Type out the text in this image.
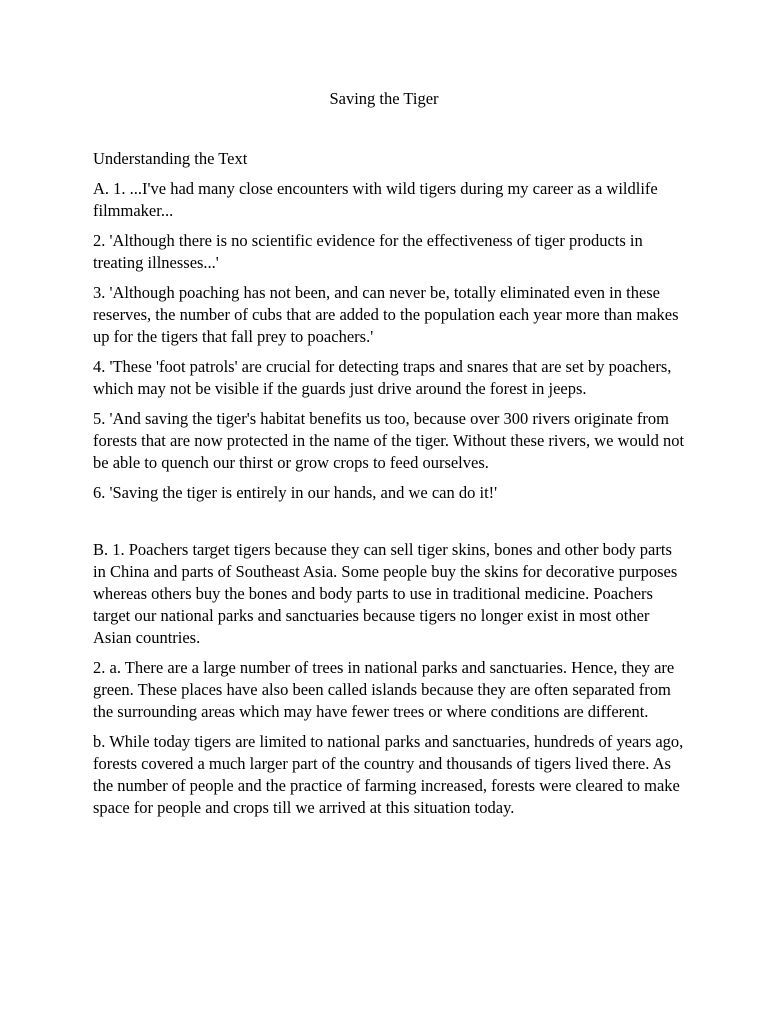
Saving the Tiger

Understanding the Text

A. 1. ...I've had many close encounters with wild tigers during my career as a wildlife filmmaker...

2. 'Although there is no scientific evidence for the effectiveness of tiger products in treating illnesses...'

3. 'Although poaching has not been, and can never be, totally eliminated even in these reserves, the number of cubs that are added to the population each year more than makes up for the tigers that fall prey to poachers.'

4. 'These 'foot patrols' are crucial for detecting traps and snares that are set by poachers, which may not be visible if the guards just drive around the forest in jeeps.

5. 'And saving the tiger's habitat benefits us too, because over 300 rivers originate from forests that are now protected in the name of the tiger. Without these rivers, we would not be able to quench our thirst or grow crops to feed ourselves.

6. 'Saving the tiger is entirely in our hands, and we can do it!'

B. 1. Poachers target tigers because they can sell tiger skins, bones and other body parts in China and parts of Southeast Asia. Some people buy the skins for decorative purposes whereas others buy the bones and body parts to use in traditional medicine. Poachers target our national parks and sanctuaries because tigers no longer exist in most other Asian countries.

2. a. There are a large number of trees in national parks and sanctuaries. Hence, they are green. These places have also been called islands because they are often separated from the surrounding areas which may have fewer trees or where conditions are different.

b. While today tigers are limited to national parks and sanctuaries, hundreds of years ago, forests covered a much larger part of the country and thousands of tigers lived there. As the number of people and the practice of farming increased, forests were cleared to make space for people and crops till we arrived at this situation today.
